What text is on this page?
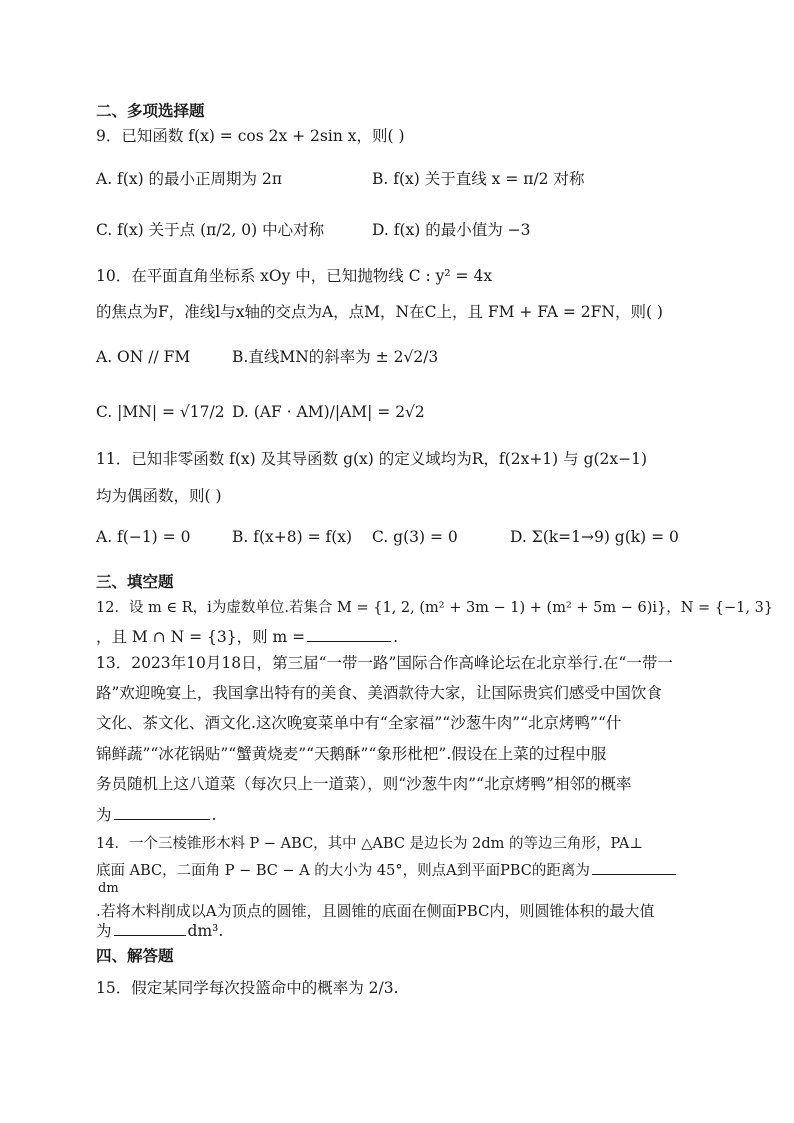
二、多项选择题
9．已知函数 f(x) = cos 2x + 2sin x，则( )
A. f(x) 的最小正周期为 2π	B. f(x) 关于直线 x = π/2 对称
C. f(x) 关于点 (π/2, 0) 中心对称	D. f(x) 的最小值为 −3
10．在平面直角坐标系 xOy 中，已知抛物线 C : y² = 4x
的焦点为F，准线l与x轴的交点为A，点M，N在C上，且 FM + FA = 2FN，则( )
A. ON // FM	B.直线MN的斜率为 ± 2√2/3
C. |MN| = √17/2 D. (AF · AM)/|AM| = 2√2
11．已知非零函数 f(x) 及其导函数 g(x) 的定义域均为R，f(2x+1) 与 g(2x−1)
均为偶函数，则( )
A. f(−1) = 0	B. f(x+8) = f(x) C. g(3) = 0	D. Σ(k=1→9) g(k) = 0
三、填空题
12．设 m ∈ R，i为虚数单位.若集合 M = {1, 2, (m² + 3m − 1) + (m² + 5m − 6)i}，N = {−1, 3}
，且 M ∩ N = {3}，则 m =	.
13．2023年10月18日，第三届“一带一路”国际合作高峰论坛在北京举行.在“一带一
路”欢迎晚宴上，我国拿出特有的美食、美酒款待大家，让国际贵宾们感受中国饮食
文化、茶文化、酒文化.这次晚宴菜单中有“全家福”“沙葱牛肉”“北京烤鸭”“什
锦鲜蔬”“冰花锅贴”“蟹黄烧麦”“天鹅酥”“象形枇杷”.假设在上菜的过程中服
务员随机上这八道菜（每次只上一道菜），则“沙葱牛肉”“北京烤鸭”相邻的概率
为	.
14．一个三棱锥形木料 P − ABC，其中 △ABC 是边长为 2dm 的等边三角形，PA⊥
底面 ABC，二面角 P − BC − A 的大小为 45°，则点A到平面PBC的距离为
dm
.若将木料削成以A为顶点的圆锥，且圆锥的底面在侧面PBC内，则圆锥体积的最大值
为	dm³.
四、解答题
15．假定某同学每次投篮命中的概率为 2/3.
